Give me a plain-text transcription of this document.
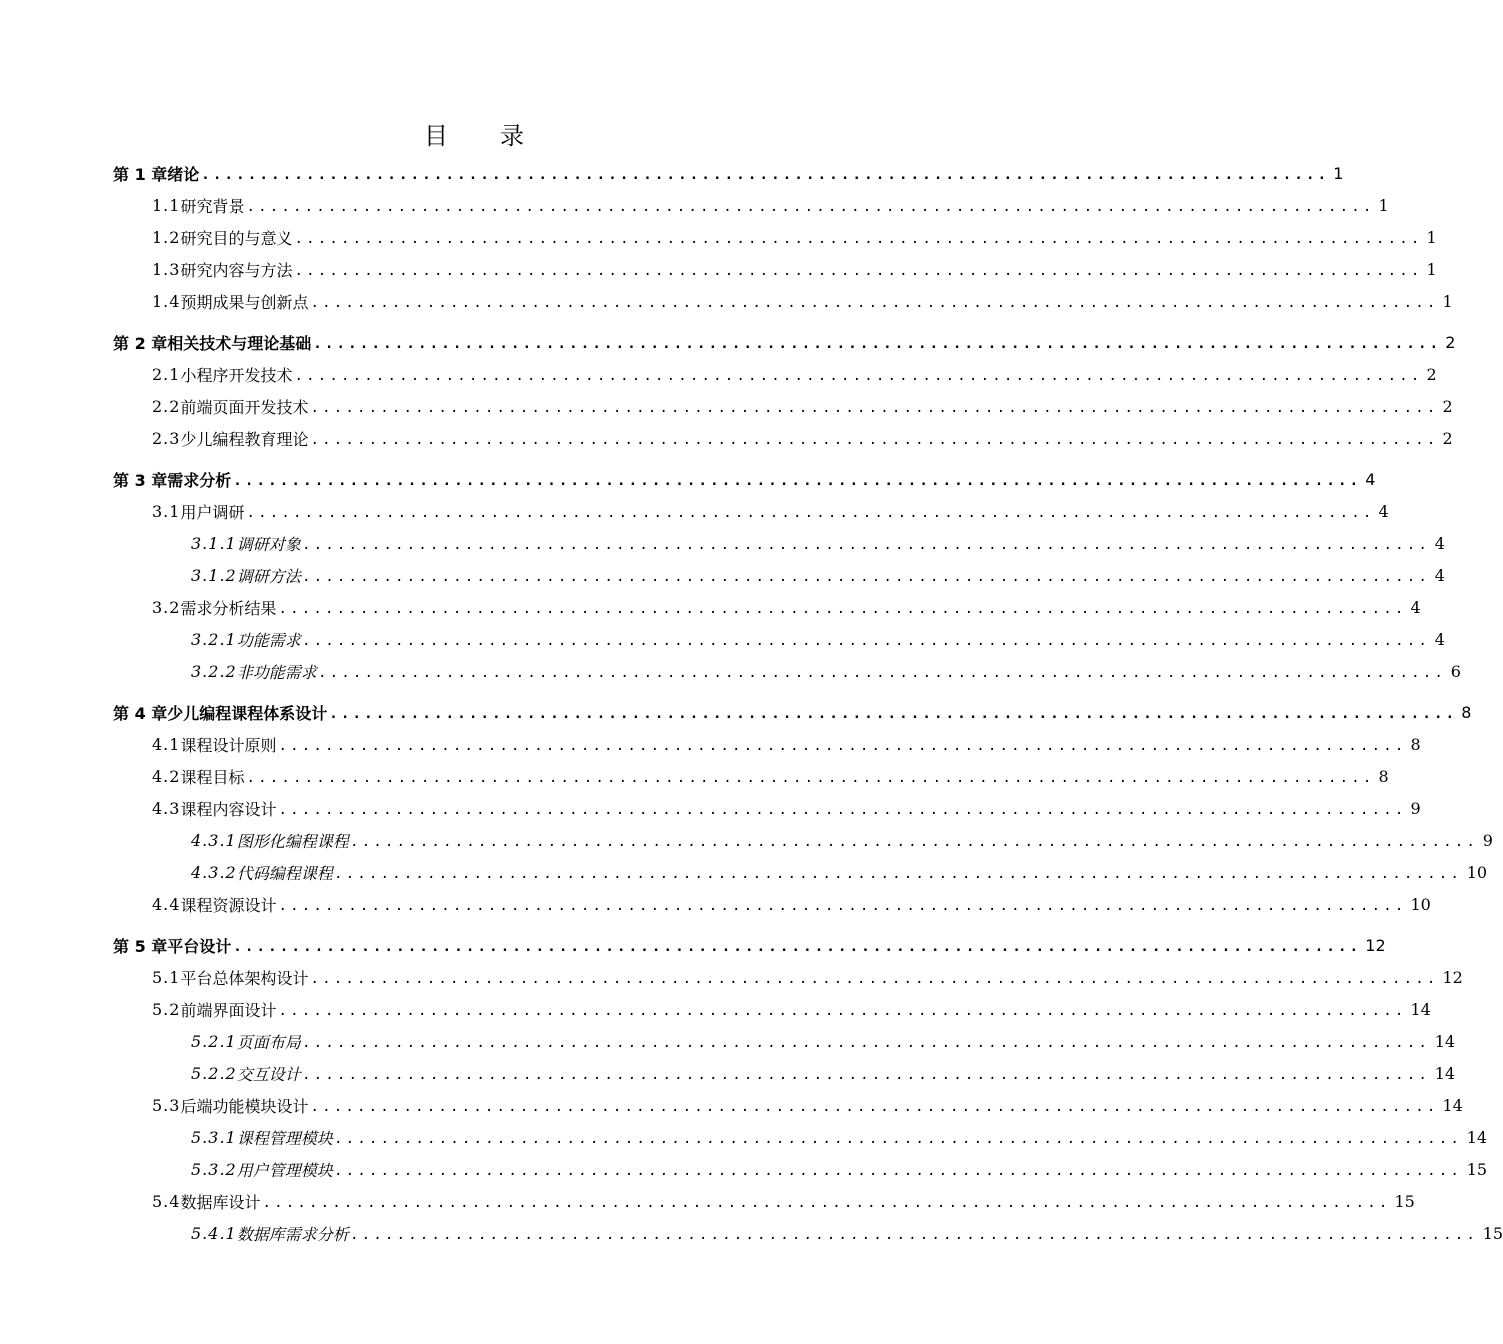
目 录
第 1 章 绪论 ................................................................................................. 1
1.1 研究背景 ................................................................................................. 1
1.2 研究目的与意义 ................................................................................................. 1
1.3 研究内容与方法 ................................................................................................. 1
1.4 预期成果与创新点 ................................................................................................. 1
第 2 章 相关技术与理论基础 ................................................................................................. 2
2.1 小程序开发技术 ................................................................................................. 2
2.2 前端页面开发技术 ................................................................................................. 2
2.3 少儿编程教育理论 ................................................................................................. 2
第 3 章 需求分析 ................................................................................................. 4
3.1 用户调研 ................................................................................................. 4
3.1.1 调研对象 ................................................................................................. 4
3.1.2 调研方法 ................................................................................................. 4
3.2 需求分析结果 ................................................................................................. 4
3.2.1 功能需求 ................................................................................................. 4
3.2.2 非功能需求 ................................................................................................. 6
第 4 章 少儿编程课程体系设计 ................................................................................................. 8
4.1 课程设计原则 ................................................................................................. 8
4.2 课程目标 ................................................................................................. 8
4.3 课程内容设计 ................................................................................................. 9
4.3.1 图形化编程课程 ................................................................................................. 9
4.3.2 代码编程课程 ................................................................................................. 10
4.4 课程资源设计 ................................................................................................. 10
第 5 章 平台设计 ................................................................................................. 12
5.1 平台总体架构设计 ................................................................................................. 12
5.2 前端界面设计 ................................................................................................. 14
5.2.1 页面布局 ................................................................................................. 14
5.2.2 交互设计 ................................................................................................. 14
5.3 后端功能模块设计 ................................................................................................. 14
5.3.1 课程管理模块 ................................................................................................. 14
5.3.2 用户管理模块 ................................................................................................. 15
5.4 数据库设计 ................................................................................................. 15
5.4.1 数据库需求分析 ................................................................................................. 15
